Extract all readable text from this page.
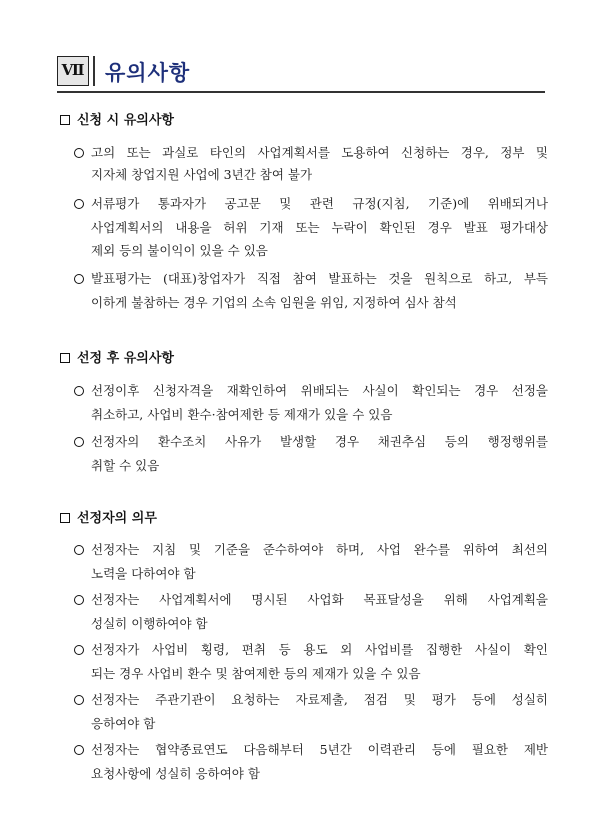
Ⅶ 유의사항
신청 시 유의사항
고의 또는 과실로 타인의 사업계획서를 도용하여 신청하는 경우, 정부 및
지자체 창업지원 사업에 3년간 참여 불가
서류평가 통과자가 공고문 및 관련 규정(지침, 기준)에 위배되거나
사업계획서의 내용을 허위 기재 또는 누락이 확인된 경우 발표 평가대상
제외 등의 불이익이 있을 수 있음
발표평가는 (대표)창업자가 직접 참여 발표하는 것을 원칙으로 하고, 부득
이하게 불참하는 경우 기업의 소속 임원을 위임, 지정하여 심사 참석
선정 후 유의사항
선정이후 신청자격을 재확인하여 위배되는 사실이 확인되는 경우 선정을
취소하고, 사업비 환수·참여제한 등 제재가 있을 수 있음
선정자의 환수조치 사유가 발생할 경우 채권추심 등의 행정행위를
취할 수 있음
선정자의 의무
선정자는 지침 및 기준을 준수하여야 하며, 사업 완수를 위하여 최선의
노력을 다하여야 함
선정자는 사업계획서에 명시된 사업화 목표달성을 위해 사업계획을
성실히 이행하여야 함
선정자가 사업비 횡령, 편취 등 용도 외 사업비를 집행한 사실이 확인
되는 경우 사업비 환수 및 참여제한 등의 제재가 있을 수 있음
선정자는 주관기관이 요청하는 자료제출, 점검 및 평가 등에 성실히
응하여야 함
선정자는 협약종료연도 다음해부터 5년간 이력관리 등에 필요한 제반
요청사항에 성실히 응하여야 함
